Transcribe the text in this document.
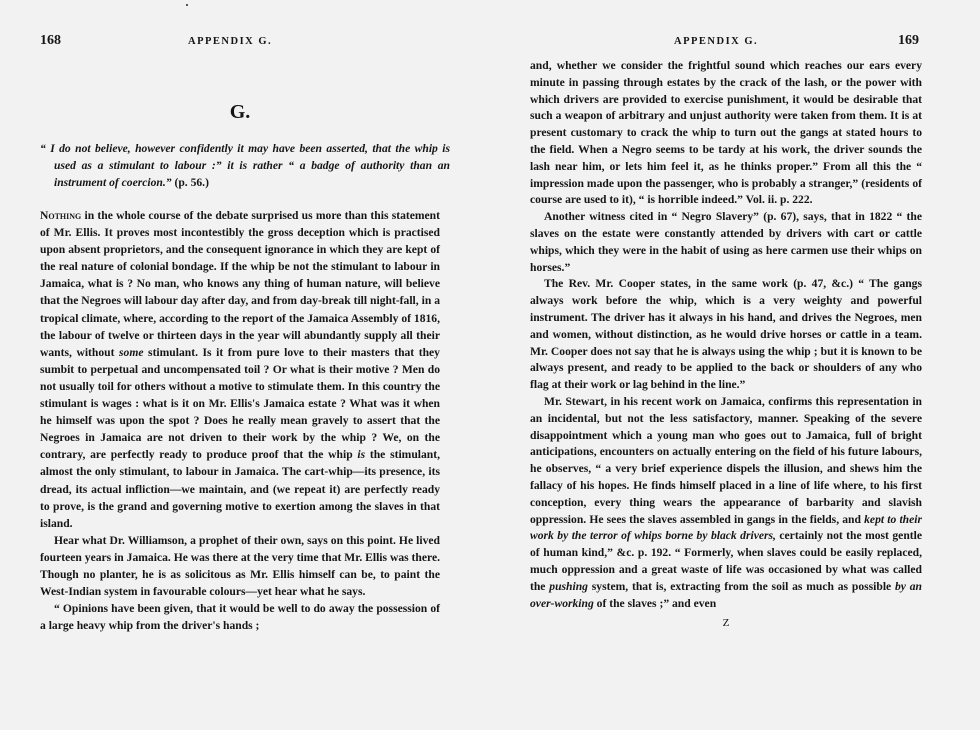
168	APPENDIX G.
G.
“ I do not believe, however confidently it may have been asserted, that the whip is used as a stimulant to labour :” it is rather “ a badge of authority than an instrument of coercion.” (p. 56.)

Nothing in the whole course of the debate surprised us more than this statement of Mr. Ellis. It proves most incontestibly the gross deception which is practised upon absent proprietors, and the consequent ignorance in which they are kept of the real nature of colonial bondage. If the whip be not the stimulant to labour in Jamaica, what is ? No man, who knows any thing of human nature, will believe that the Negroes will labour day after day, and from day-break till night-fall, in a tropical climate, where, according to the report of the Jamaica Assembly of 1816, the labour of twelve or thirteen days in the year will abundantly supply all their wants, without some stimulant. Is it from pure love to their masters that they sumbit to perpetual and uncompensated toil ? Or what is their motive ? Men do not usually toil for others without a motive to stimulate them. In this country the stimulant is wages : what is it on Mr. Ellis's Jamaica estate ? What was it when he himself was upon the spot ? Does he really mean gravely to assert that the Negroes in Jamaica are not driven to their work by the whip ? We, on the contrary, are perfectly ready to produce proof that the whip is the stimulant, almost the only stimulant, to labour in Jamaica. The cart-whip—its presence, its dread, its actual infliction—we maintain, and (we repeat it) are perfectly ready to prove, is the grand and governing motive to exertion among the slaves in that island.

Hear what Dr. Williamson, a prophet of their own, says on this point. He lived fourteen years in Jamaica. He was there at the very time that Mr. Ellis was there. Though no planter, he is as solicitous as Mr. Ellis himself can be, to paint the West-Indian system in favourable colours—yet hear what he says.

“ Opinions have been given, that it would be well to do away the possession of a large heavy whip from the driver's hands ;

APPENDIX G.	169

and, whether we consider the frightful sound which reaches our ears every minute in passing through estates by the crack of the lash, or the power with which drivers are provided to exercise punishment, it would be desirable that such a weapon of arbitrary and unjust authority were taken from them. It is at present customary to crack the whip to turn out the gangs at stated hours to the field. When a Negro seems to be tardy at his work, the driver sounds the lash near him, or lets him feel it, as he thinks proper.” From all this the “ impression made upon the passenger, who is probably a stranger,” (residents of course are used to it), “ is horrible indeed.” Vol. ii. p. 222.

Another witness cited in “ Negro Slavery” (p. 67), says, that in 1822 “ the slaves on the estate were constantly attended by drivers with cart or cattle whips, which they were in the habit of using as here carmen use their whips on horses.”

The Rev. Mr. Cooper states, in the same work (p. 47, &c.) “ The gangs always work before the whip, which is a very weighty and powerful instrument. The driver has it always in his hand, and drives the Negroes, men and women, without distinction, as he would drive horses or cattle in a team. Mr. Cooper does not say that he is always using the whip ; but it is known to be always present, and ready to be applied to the back or shoulders of any who flag at their work or lag behind in the line.”

Mr. Stewart, in his recent work on Jamaica, confirms this representation in an incidental, but not the less satisfactory, manner. Speaking of the severe disappointment which a young man who goes out to Jamaica, full of bright anticipations, encounters on actually entering on the field of his future labours, he observes, “ a very brief experience dispels the illusion, and shews him the fallacy of his hopes. He finds himself placed in a line of life where, to his first conception, every thing wears the appearance of barbarity and slavish oppression. He sees the slaves assembled in gangs in the fields, and kept to their work by the terror of whips borne by black drivers, certainly not the most gentle of human kind,” &c. p. 192. “ Formerly, when slaves could be easily replaced, much oppression and a great waste of life was occasioned by what was called the pushing system, that is, extracting from the soil as much as possible by an over-working of the slaves ;” and even

Z
